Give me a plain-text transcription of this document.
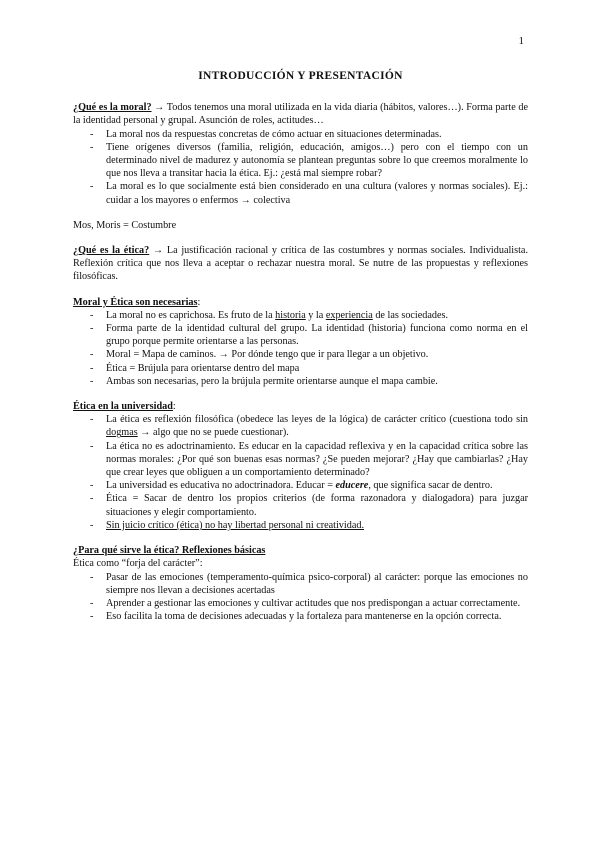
1
INTRODUCCIÓN Y PRESENTACIÓN

¿Qué es la moral? → Todos tenemos una moral utilizada en la vida diaria (hábitos, valores…). Forma parte de la identidad personal y grupal. Asunción de roles, actitudes…

- La moral nos da respuestas concretas de cómo actuar en situaciones determinadas.
- Tiene orígenes diversos (familia, religión, educación, amigos…) pero con el tiempo con un determinado nivel de madurez y autonomía se plantean preguntas sobre lo que creemos moralmente lo que nos lleva a transitar hacia la ética. Ej.: ¿está mal siempre robar?
- La moral es lo que socialmente está bien considerado en una cultura (valores y normas sociales). Ej.: cuidar a los mayores o enfermos → colectiva

Mos, Moris = Costumbre

¿Qué es la ética? → La justificación racional y crítica de las costumbres y normas sociales. Individualista. Reflexión crítica que nos lleva a aceptar o rechazar nuestra moral. Se nutre de las propuestas y reflexiones filosóficas.

Moral y Ética son necesarias:

- La moral no es caprichosa. Es fruto de la historia y la experiencia de las sociedades.
- Forma parte de la identidad cultural del grupo. La identidad (historia) funciona como norma en el grupo porque permite orientarse a las personas.
- Moral = Mapa de caminos. → Por dónde tengo que ir para llegar a un objetivo.
- Ética = Brújula para orientarse dentro del mapa
- Ambas son necesarias, pero la brújula permite orientarse aunque el mapa cambie.

Ética en la universidad:

- La ética es reflexión filosófica (obedece las leyes de la lógica) de carácter crítico (cuestiona todo sin dogmas → algo que no se puede cuestionar).
- La ética no es adoctrinamiento. Es educar en la capacidad reflexiva y en la capacidad crítica sobre las normas morales: ¿Por qué son buenas esas normas? ¿Se pueden mejorar? ¿Hay que cambiarlas? ¿Hay que crear leyes que obliguen a un comportamiento determinado?
- La universidad es educativa no adoctrinadora. Educar = educere, que significa sacar de dentro.
- Ética = Sacar de dentro los propios criterios (de forma razonadora y dialogadora) para juzgar situaciones y elegir comportamiento.
- Sin juicio crítico (ética) no hay libertad personal ni creatividad.

¿Para qué sirve la ética? Reflexiones básicas

Ética como “forja del carácter”:

- Pasar de las emociones (temperamento-química psico-corporal) al carácter: porque las emociones no siempre nos llevan a decisiones acertadas
- Aprender a gestionar las emociones y cultivar actitudes que nos predispongan a actuar correctamente.
- Eso facilita la toma de decisiones adecuadas y la fortaleza para mantenerse en la opción correcta.
